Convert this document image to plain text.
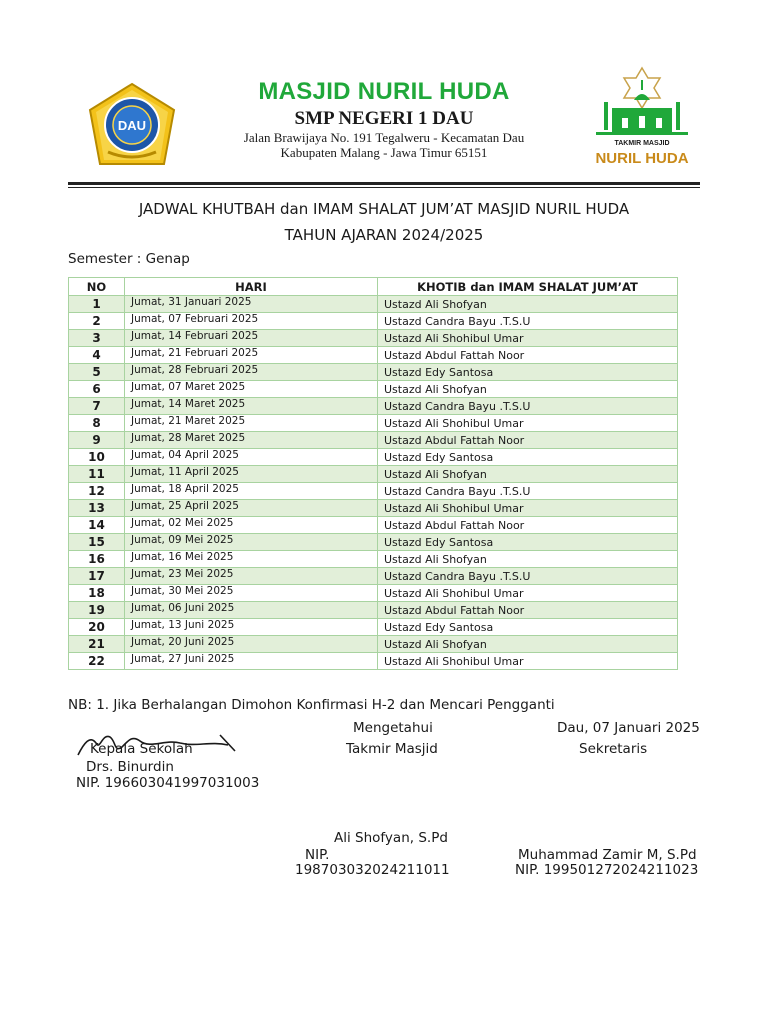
DAU
TAKMIR MASJID
NURIL HUDA
MASJID NURIL HUDA
SMP NEGERI 1 DAU
Jalan Brawijaya No. 191 Tegalweru - Kecamatan Dau
Kabupaten Malang - Jawa Timur 65151
JADWAL KHUTBAH dan IMAM SHALAT JUM’AT MASJID NURIL HUDA
TAHUN AJARAN 2024/2025
Semester : Genap
NO	HARI	KHOTIB dan IMAM SHALAT JUM’AT
1	Jumat, 31 Januari 2025	Ustazd Ali Shofyan
2	Jumat, 07 Februari 2025	Ustazd Candra Bayu .T.S.U
3	Jumat, 14 Februari 2025	Ustazd Ali Shohibul Umar
4	Jumat, 21 Februari 2025	Ustazd Abdul Fattah Noor
5	Jumat, 28 Februari 2025	Ustazd Edy Santosa
6	Jumat, 07 Maret 2025	Ustazd Ali Shofyan
7	Jumat, 14 Maret 2025	Ustazd Candra Bayu .T.S.U
8	Jumat, 21 Maret 2025	Ustazd Ali Shohibul Umar
9	Jumat, 28 Maret 2025	Ustazd Abdul Fattah Noor
10	Jumat, 04 April 2025	Ustazd Edy Santosa
11	Jumat, 11 April 2025	Ustazd Ali Shofyan
12	Jumat, 18 April 2025	Ustazd Candra Bayu .T.S.U
13	Jumat, 25 April 2025	Ustazd Ali Shohibul Umar
14	Jumat, 02 Mei 2025	Ustazd Abdul Fattah Noor
15	Jumat, 09 Mei 2025	Ustazd Edy Santosa
16	Jumat, 16 Mei 2025	Ustazd Ali Shofyan
17	Jumat, 23 Mei 2025	Ustazd Candra Bayu .T.S.U
18	Jumat, 30 Mei 2025	Ustazd Ali Shohibul Umar
19	Jumat, 06 Juni 2025	Ustazd Abdul Fattah Noor
20	Jumat, 13 Juni 2025	Ustazd Edy Santosa
21	Jumat, 20 Juni 2025	Ustazd Ali Shofyan
22	Jumat, 27 Juni 2025	Ustazd Ali Shohibul Umar
NB: 1. Jika Berhalangan Dimohon Konfirmasi H-2 dan Mencari Pengganti
Mengetahui	Dau, 07 Januari 2025
Kepala Sekolah	Takmir Masjid	Sekretaris
Drs. Binurdin
NIP. 196603041997031003
Ali Shofyan, S.Pd
NIP.
19870303202421101​1
Muhammad Zamir M, S.Pd
NIP. 199501272024211023
